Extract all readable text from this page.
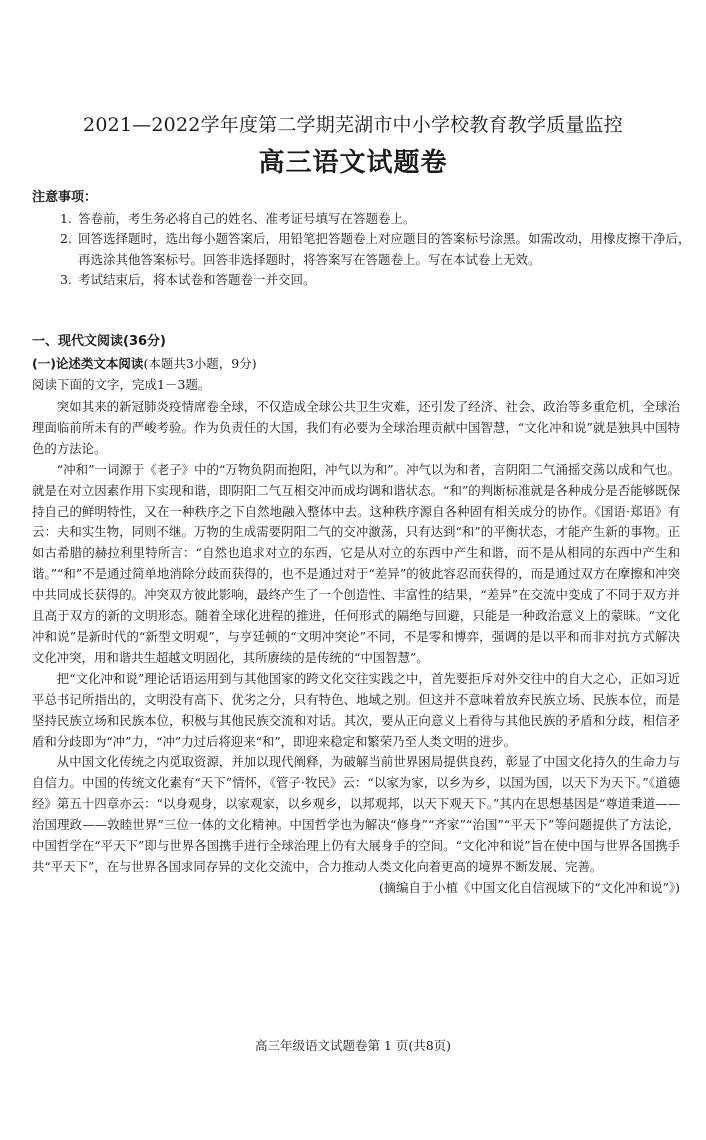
2021—2022学年度第二学期芜湖市中小学校教育教学质量监控
高三语文试题卷
注意事项：
1. 答卷前，考生务必将自己的姓名、准考证号填写在答题卷上。
2. 回答选择题时，选出每小题答案后，用铅笔把答题卷上对应题目的答案标号涂黑。如需改动，用橡皮擦干净后，再选涂其他答案标号。回答非选择题时，将答案写在答题卷上。写在本试卷上无效。
3. 考试结束后，将本试卷和答题卷一并交回。
一、现代文阅读(36分)
(一)论述类文本阅读(本题共3小题，9分)
阅读下面的文字，完成1－3题。

突如其来的新冠肺炎疫情席卷全球，不仅造成全球公共卫生灾难，还引发了经济、社会、政治等多重危机，全球治理面临前所未有的严峻考验。作为负责任的大国，我们有必要为全球治理贡献中国智慧，“文化冲和说”就是独具中国特色的方法论。

“冲和”一词源于《老子》中的“万物负阴而抱阳，冲气以为和”。冲气以为和者，言阴阳二气涌摇交荡以成和气也。就是在对立因素作用下实现和谐，即阴阳二气互相交冲而成均调和谐状态。“和”的判断标准就是各种成分是否能够既保持自己的鲜明特性，又在一种秩序之下自然地融入整体中去。这种秩序源自各种固有相关成分的协作。《国语·郑语》有云：夫和实生物，同则不继。万物的生成需要阴阳二气的交冲激荡，只有达到“和”的平衡状态，才能产生新的事物。正如古希腊的赫拉利里特所言：“自然也追求对立的东西，它是从对立的东西中产生和谐，而不是从相同的东西中产生和谐。”“和”不是通过简单地消除分歧而获得的，也不是通过对于“差异”的彼此容忍而获得的，而是通过双方在摩擦和冲突中共同成长获得的。冲突双方彼此影响，最终产生了一个创造性、丰富性的结果，“差异”在交流中变成了不同于双方并且高于双方的新的文明形态。随着全球化进程的推进，任何形式的隔绝与回避，只能是一种政治意义上的蒙昧。“文化冲和说”是新时代的“新型文明观”，与亨廷顿的“文明冲突论”不同，不是零和博弈，强调的是以平和而非对抗方式解决文化冲突，用和谐共生超越文明固化，其所赓续的是传统的“中国智慧”。

把“文化冲和说”理论话语运用到与其他国家的跨文化交往实践之中，首先要拒斥对外交往中的自大之心，正如习近平总书记所指出的，文明没有高下、优劣之分，只有特色、地域之别。但这并不意味着放弃民族立场、民族本位，而是坚持民族立场和民族本位，积极与其他民族交流和对话。其次，要从正向意义上看待与其他民族的矛盾和分歧，相信矛盾和分歧即为“冲”力，“冲”力过后将迎来“和”，即迎来稳定和繁荣乃至人类文明的进步。

从中国文化传统之内觅取资源，并加以现代阐释，为破解当前世界困局提供良药，彰显了中国文化持久的生命力与自信力。中国的传统文化素有“天下”情怀，《管子·牧民》云：“以家为家，以乡为乡，以国为国，以天下为天下。”《道德经》第五十四章亦云：“以身观身，以家观家，以乡观乡，以邦观邦，以天下观天下。”其内在思想基因是“尊道秉道——治国理政——敦睦世界”三位一体的文化精神。中国哲学也为解决“修身”“齐家”“治国”“平天下”等问题提供了方法论，中国哲学在“平天下”即与世界各国携手进行全球治理上仍有大展身手的空间。“文化冲和说”旨在使中国与世界各国携手共“平天下”，在与世界各国求同存异的文化交流中，合力推动人类文化向着更高的境界不断发展、完善。

(摘编自于小植《中国文化自信视域下的“文化冲和说”》)

高三年级语文试题卷第 1 页(共8页)
